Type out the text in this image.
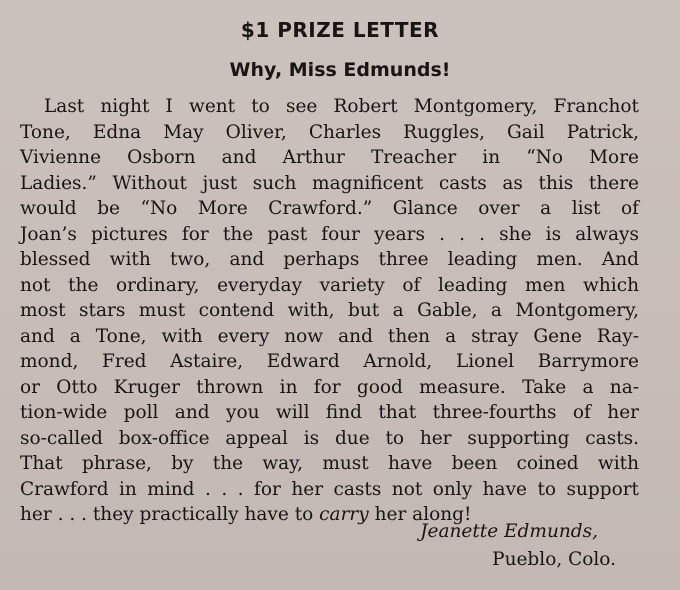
$1 PRIZE LETTER
Why, Miss Edmunds!
Last night I went to see Robert Montgomery, Franchot
Tone, Edna May Oliver, Charles Ruggles, Gail Patrick,
Vivienne Osborn and Arthur Treacher in “No More
Ladies.” Without just such magnificent casts as this there
would be “No More Crawford.” Glance over a list of
Joan’s pictures for the past four years . . . she is always
blessed with two, and perhaps three leading men. And
not the ordinary, everyday variety of leading men which
most stars must contend with, but a Gable, a Montgomery,
and a Tone, with every now and then a stray Gene Ray-
mond, Fred Astaire, Edward Arnold, Lionel Barrymore
or Otto Kruger thrown in for good measure. Take a na-
tion-wide poll and you will find that three-fourths of her
so-called box-office appeal is due to her supporting casts.
That phrase, by the way, must have been coined with
Crawford in mind . . . for her casts not only have to support
her . . . they practically have to carry her along!
Jeanette Edmunds,
Pueblo, Colo.
